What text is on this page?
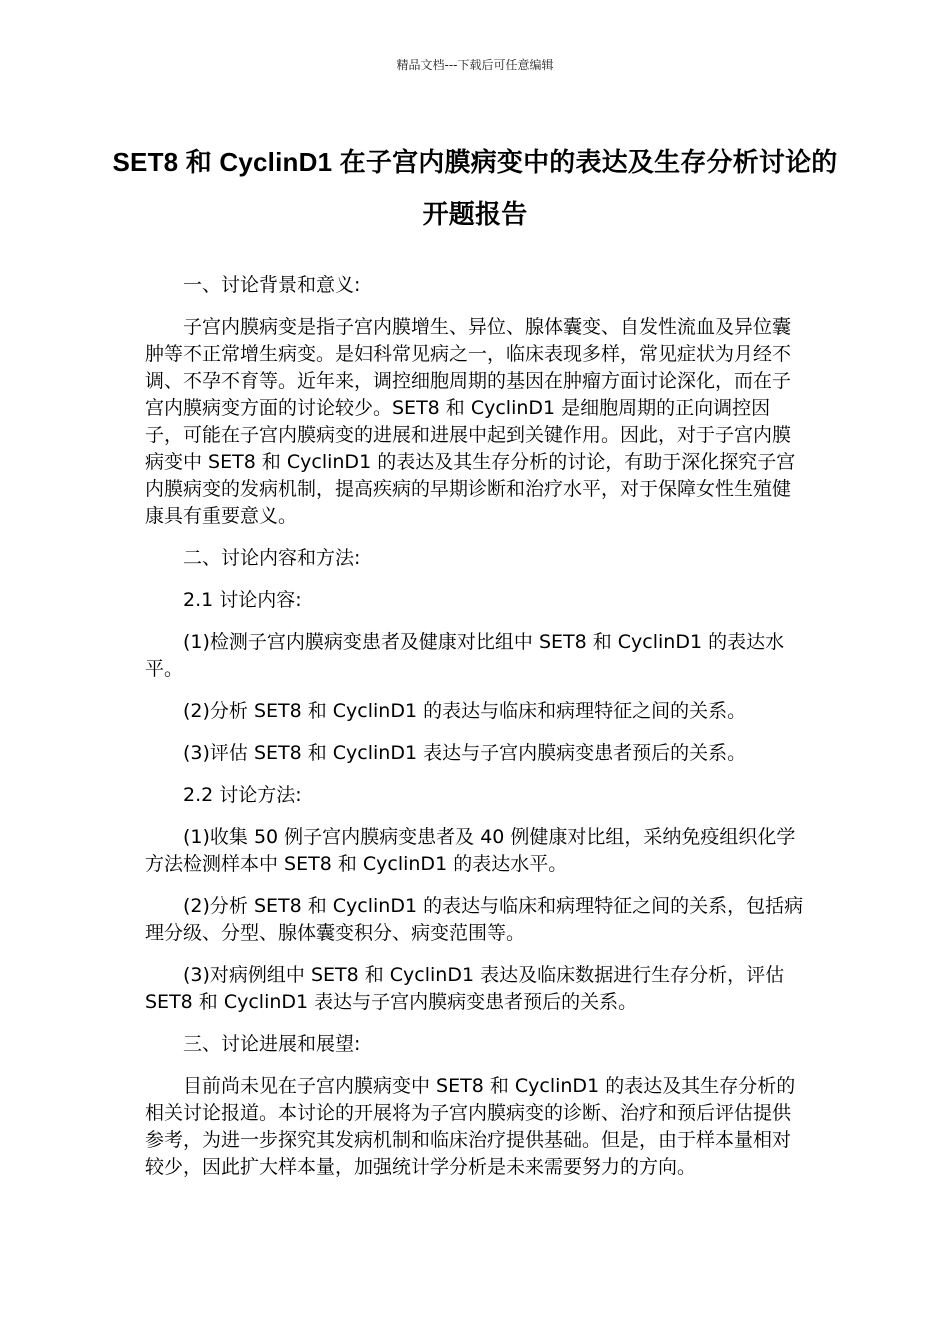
精品文档---下载后可任意编辑
SET8 和 CyclinD1 在子宫内膜病变中的表达及生存分析讨论的开题报告

一、讨论背景和意义:

子宫内膜病变是指子宫内膜增生、异位、腺体囊变、自发性流血及异位囊肿等不正常增生病变。是妇科常见病之一，临床表现多样，常见症状为月经不调、不孕不育等。近年来，调控细胞周期的基因在肿瘤方面讨论深化，而在子宫内膜病变方面的讨论较少。SET8 和 CyclinD1 是细胞周期的正向调控因子，可能在子宫内膜病变的进展和进展中起到关键作用。因此，对于子宫内膜病变中 SET8 和 CyclinD1 的表达及其生存分析的讨论，有助于深化探究子宫内膜病变的发病机制，提高疾病的早期诊断和治疗水平，对于保障女性生殖健康具有重要意义。

二、讨论内容和方法:

2.1 讨论内容:

(1)检测子宫内膜病变患者及健康对比组中 SET8 和 CyclinD1 的表达水平。

(2)分析 SET8 和 CyclinD1 的表达与临床和病理特征之间的关系。

(3)评估 SET8 和 CyclinD1 表达与子宫内膜病变患者预后的关系。

2.2 讨论方法:

(1)收集 50 例子宫内膜病变患者及 40 例健康对比组，采纳免疫组织化学方法检测样本中 SET8 和 CyclinD1 的表达水平。

(2)分析 SET8 和 CyclinD1 的表达与临床和病理特征之间的关系，包括病理分级、分型、腺体囊变积分、病变范围等。

(3)对病例组中 SET8 和 CyclinD1 表达及临床数据进行生存分析，评估 SET8 和 CyclinD1 表达与子宫内膜病变患者预后的关系。

三、讨论进展和展望:

目前尚未见在子宫内膜病变中 SET8 和 CyclinD1 的表达及其生存分析的相关讨论报道。本讨论的开展将为子宫内膜病变的诊断、治疗和预后评估提供参考，为进一步探究其发病机制和临床治疗提供基础。但是，由于样本量相对较少，因此扩大样本量，加强统计学分析是未来需要努力的方向。
